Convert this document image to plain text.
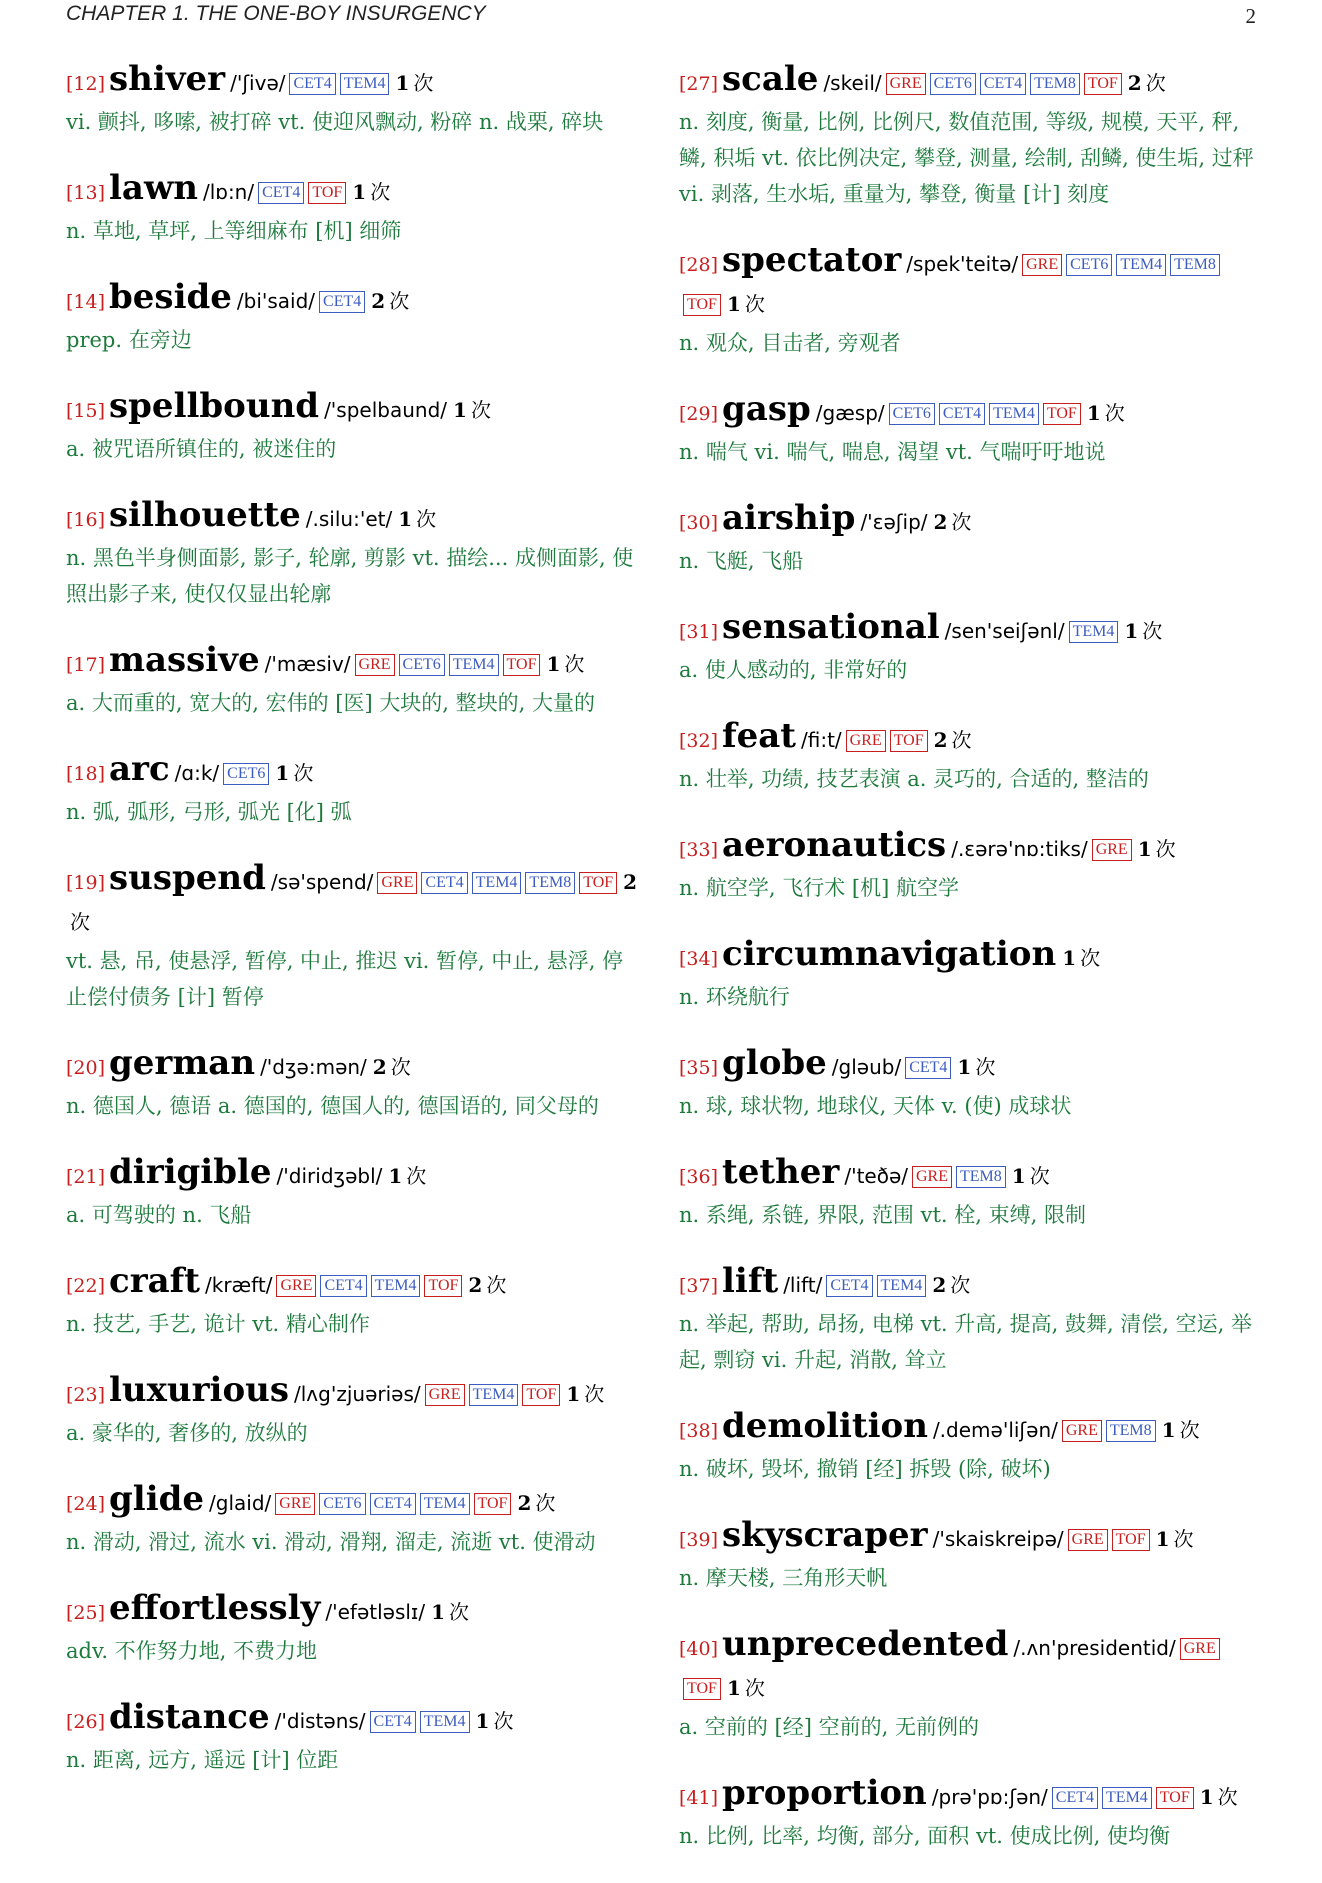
CHAPTER 1. THE ONE-BOY INSURGENCY	2
[12] shiver /'ʃivə/ CET4 TEM4 1 次
vi. 颤抖, 哆嗦, 被打碎 vt. 使迎风飘动, 粉碎 n. 战栗, 碎块
[13] lawn /lɒ:n/ CET4 TOF 1 次
n. 草地, 草坪, 上等细麻布 [机] 细筛
[14] beside /bi'said/ CET4 2 次
prep. 在旁边
[15] spellbound /'spelbaund/ 1 次
a. 被咒语所镇住的, 被迷住的
[16] silhouette /.silu:'et/ 1 次
n. 黑色半身侧面影, 影子, 轮廓, 剪影 vt. 描绘... 成侧面影, 使照出影子来, 使仅仅显出轮廓
[17] massive /'mæsiv/ GRE CET6 TEM4 TOF 1 次
a. 大而重的, 宽大的, 宏伟的 [医] 大块的, 整块的, 大量的
[18] arc /ɑ:k/ CET6 1 次
n. 弧, 弧形, 弓形, 弧光 [化] 弧
[19] suspend /sə'spend/ GRE CET4 TEM4 TEM8 TOF 2次
vt. 悬, 吊, 使悬浮, 暂停, 中止, 推迟 vi. 暂停, 中止, 悬浮, 停止偿付债务 [计] 暂停
[20] german /'dʒə:mən/ 2 次
n. 德国人, 德语 a. 德国的, 德国人的, 德国语的, 同父母的
[21] dirigible /'diridʒəbl/ 1 次
a. 可驾驶的 n. 飞船
[22] craft /kræft/ GRE CET4 TEM4 TOF 2 次
n. 技艺, 手艺, 诡计 vt. 精心制作
[23] luxurious /lʌg'zjuəriəs/ GRE TEM4 TOF 1 次
a. 豪华的, 奢侈的, 放纵的
[24] glide /glaid/ GRE CET6 CET4 TEM4 TOF 2 次
n. 滑动, 滑过, 流水 vi. 滑动, 滑翔, 溜走, 流逝 vt. 使滑动
[25] effortlessly /'efətləslɪ/ 1 次
adv. 不作努力地, 不费力地
[26] distance /'distəns/ CET4 TEM4 1 次
n. 距离, 远方, 遥远 [计] 位距
[27] scale /skeil/ GRE CET6 CET4 TEM8 TOF 2 次
n. 刻度, 衡量, 比例, 比例尺, 数值范围, 等级, 规模, 天平, 秤, 鳞, 积垢 vt. 依比例决定, 攀登, 测量, 绘制, 刮鳞, 使生垢, 过秤 vi. 剥落, 生水垢, 重量为, 攀登, 衡量 [计] 刻度
[28] spectator /spek'teitə/ GRE CET6 TEM4 TEM8TOF 1 次
n. 观众, 目击者, 旁观者
[29] gasp /gæsp/ CET6 CET4 TEM4 TOF 1 次
n. 喘气 vi. 喘气, 喘息, 渴望 vt. 气喘吁吁地说
[30] airship /'ɛəʃip/ 2 次
n. 飞艇, 飞船
[31] sensational /sen'seiʃənl/ TEM4 1 次
a. 使人感动的, 非常好的
[32] feat /fi:t/ GRE TOF 2 次
n. 壮举, 功绩, 技艺表演 a. 灵巧的, 合适的, 整洁的
[33] aeronautics /.ɛərə'nɒ:tiks/ GRE 1 次
n. 航空学, 飞行术 [机] 航空学
[34] circumnavigation 1 次
n. 环绕航行
[35] globe /gləub/ CET4 1 次
n. 球, 球状物, 地球仪, 天体 v. (使) 成球状
[36] tether /'teðə/ GRE TEM8 1 次
n. 系绳, 系链, 界限, 范围 vt. 栓, 束缚, 限制
[37] lift /lift/ CET4 TEM4 2 次
n. 举起, 帮助, 昂扬, 电梯 vt. 升高, 提高, 鼓舞, 清偿, 空运, 举起, 剽窃 vi. 升起, 消散, 耸立
[38] demolition /.demə'liʃən/ GRE TEM8 1 次
n. 破坏, 毁坏, 撤销 [经] 拆毁 (除, 破坏)
[39] skyscraper /'skaiskreipə/ GRE TOF 1 次
n. 摩天楼, 三角形天帆
[40] unprecedented /.ʌn'presidentid/ GRETOF 1 次
a. 空前的 [经] 空前的, 无前例的
[41] proportion /prə'pɒ:ʃən/ CET4 TEM4 TOF 1 次
n. 比例, 比率, 均衡, 部分, 面积 vt. 使成比例, 使均衡
